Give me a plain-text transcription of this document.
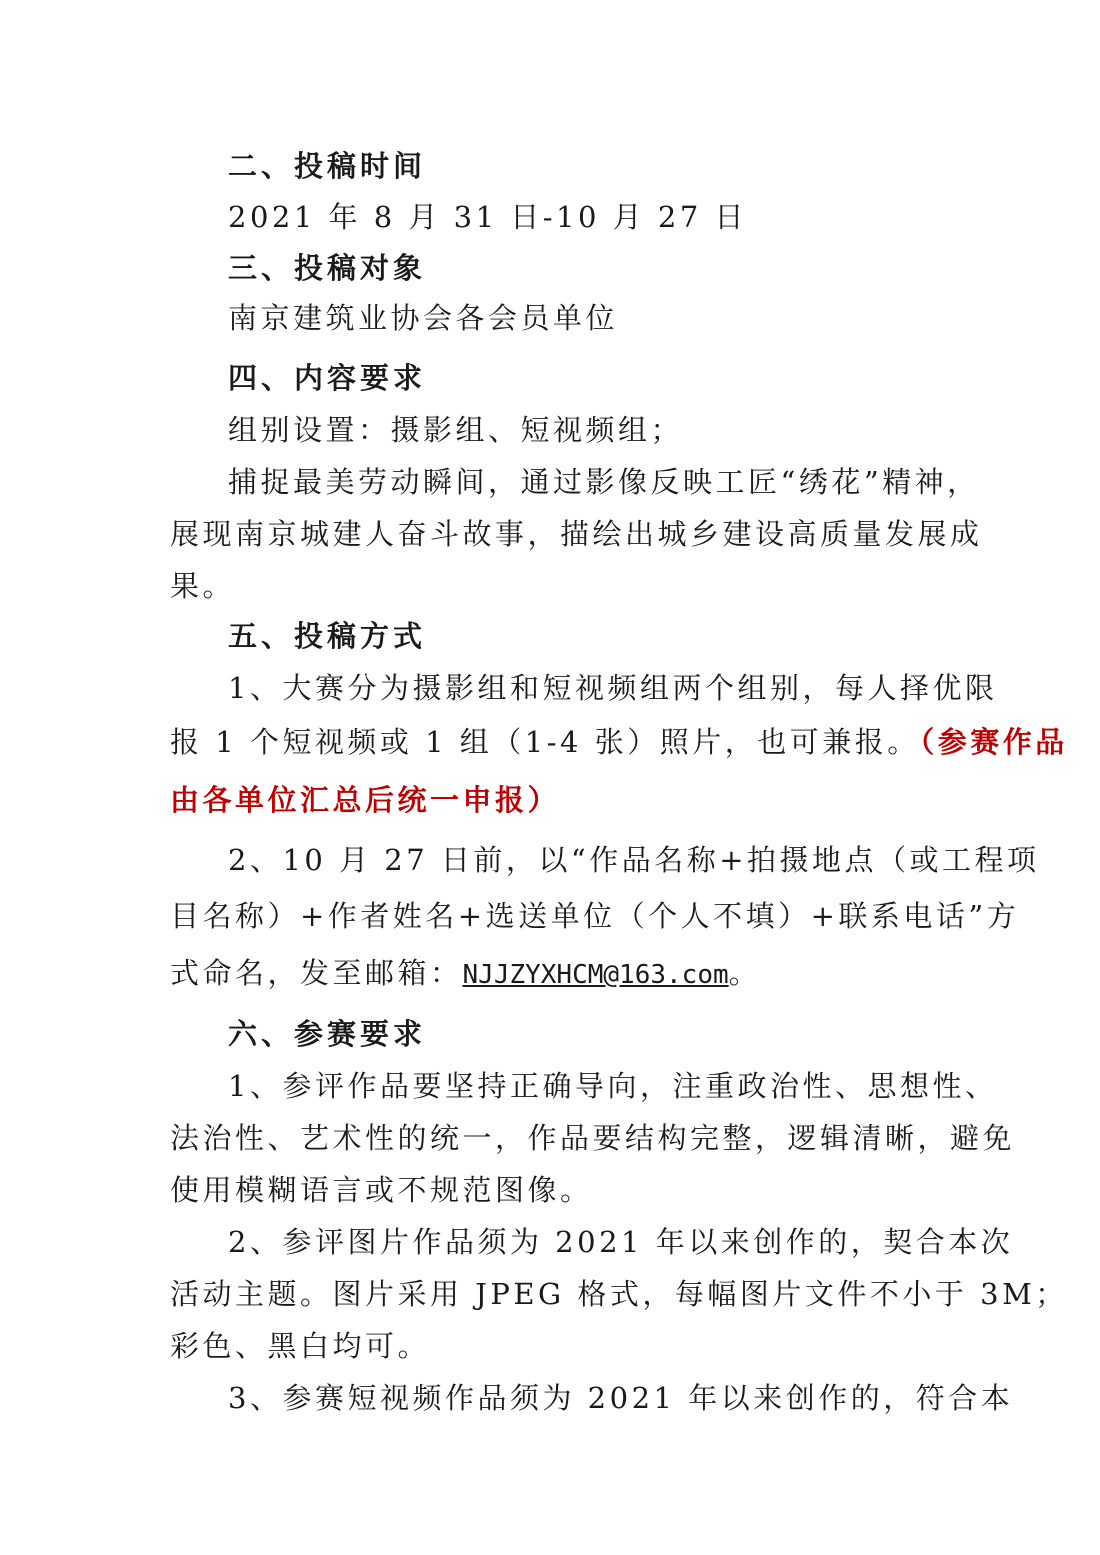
二、投稿时间
2021 年 8 月 31 日-10 月 27 日
三、投稿对象
南京建筑业协会各会员单位
四、内容要求
组别设置：摄影组、短视频组；
捕捉最美劳动瞬间，通过影像反映工匠“绣花”精神，
展现南京城建人奋斗故事，描绘出城乡建设高质量发展成
果。
五、投稿方式
1、大赛分为摄影组和短视频组两个组别，每人择优限
报 1 个短视频或 1 组（1-4 张）照片，也可兼报。（参赛作品
由各单位汇总后统一申报）
2、10 月 27 日前，以“作品名称+拍摄地点（或工程项
目名称）+作者姓名+选送单位（个人不填）+联系电话”方
式命名，发至邮箱：NJJZYXHCM@163.com。
六、参赛要求
1、参评作品要坚持正确导向，注重政治性、思想性、
法治性、艺术性的统一，作品要结构完整，逻辑清晰，避免
使用模糊语言或不规范图像。
2、参评图片作品须为 2021 年以来创作的，契合本次
活动主题。图片采用 JPEG 格式，每幅图片文件不小于 3M；
彩色、黑白均可。
3、参赛短视频作品须为 2021 年以来创作的，符合本
